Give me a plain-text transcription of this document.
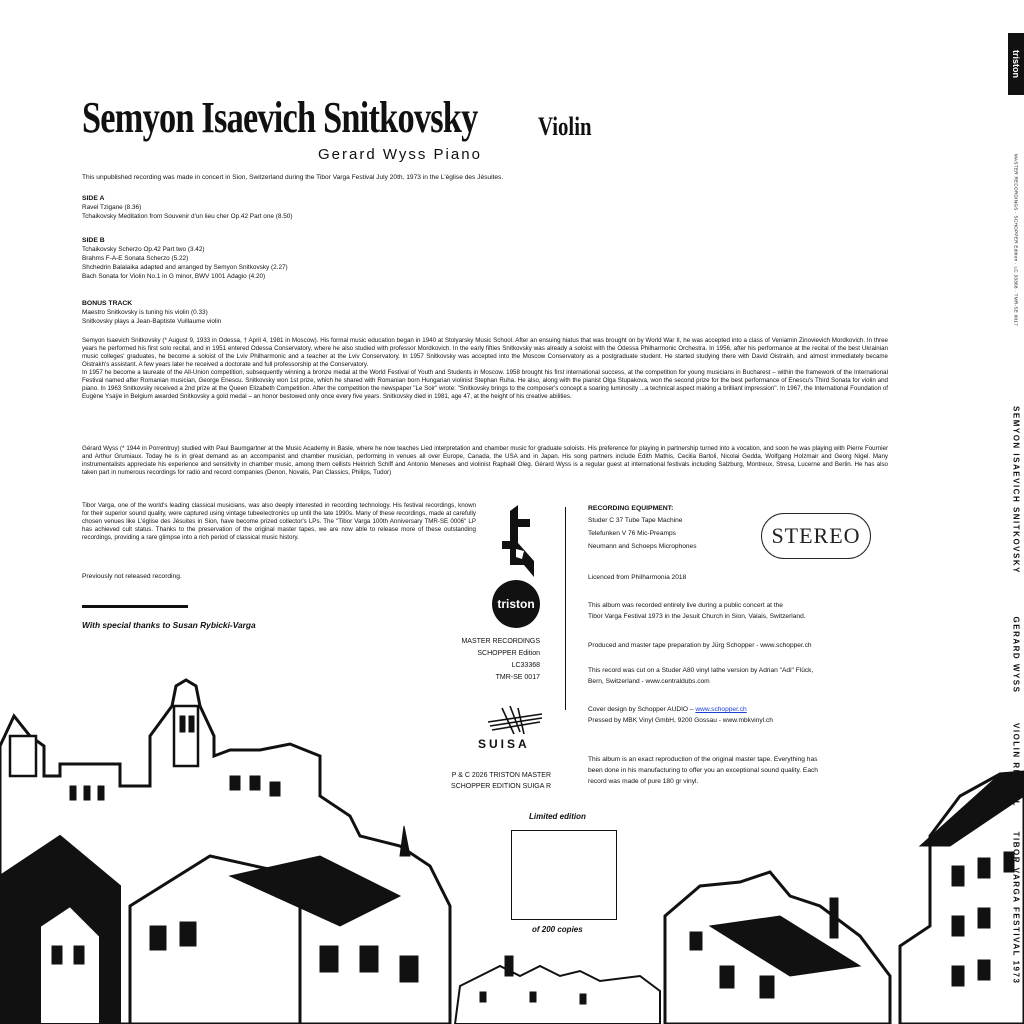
Semyon Isaevich Snitkovsky Violin
Gerard Wyss Piano
This unpublished recording was made in concert in Sion, Switzerland during the Tibor Varga Festival July 20th, 1973 in the L'église des Jésuites.
SIDE A
Ravel Tzigane (8.36)
Tchaikovsky Meditation from Souvenir d'un lieu cher Op.42 Part one (8.50)
SIDE B
Tchaikovsky Scherzo Op.42 Part two (3.42)
Brahms F-A-E Sonata Scherzo (5.22)
Shchedrin Balalaika adapted and arranged by Semyon Snitkovsky (2.27)
Bach Sonata for Violin No.1 in G minor, BWV 1001 Adagio (4.20)
BONUS TRACK
Maestro Snitkovsky is tuning his violin (0.33)
Snitkovsky plays a Jean-Baptiste Vuillaume violin
Semyon Isaevich Snitkovsky (* August 9, 1933 in Odessa, † April 4, 1981 in Moscow). His formal music education began in 1940 at Stolyarsky Music School. After an ensuing hiatus that was brought on by World War II, he was accepted into a class of Veniamin Zinovievich Mordkovich. In three years he performed his first solo recital, and in 1951 entered Odessa Conservatory, where he also studied with professor Mordkovich. In the early fifties Snitkovsky was already a soloist with the Odessa Philharmonic Orchestra. In 1956, after his performance at the recital of the best Ukrainian music colleges' graduates, he become a soloist of the Lviv Philharmonic and a teacher at the Lviv Conservatory. In 1957 Snitkovsky was accepted into the Moscow Conservatory as a postgraduate student. He started studying there with David Oistrakh, and almost immediately became Oistrakh's assistant. A few years later he received a doctorate and full professorship at the Conservatory.
In 1957 he become a laureate of the All-Union competition, subsequently winning a bronze medal at the World Festival of Youth and Students in Moscow. 1958 brought his first international success, at the competition for young musicians in Bucharest – within the framework of the International Festival named after Romanian musician, George Enescu. Snitkovsky won 1st prize, which he shared with Romanian born Hungarian violinist Stephan Ruha. He also, along with the pianist Olga Stupakova, won the second prize for the best performance of Enescu's Third Sonata for violin and piano. In 1963 Snitkovsky received a 2nd prize at the Queen Elizabeth Competition. After the competition the newspaper "Le Soir" wrote: "Snitkovsky brings to the composer's concept a soaring luminosity ...a technical aspect making a brilliant impression". In 1967, the International Foundation of Eugène Ysaÿe in Belgium awarded Snitkovsky a gold medal – an honor bestowed only once every five years. Snitkovsky died in 1981, age 47, at the height of his creative abilities.
Gérard Wyss (* 1944 in Porrentruy) studied with Paul Baumgartner at the Music Academy in Basle, where he now teaches Lied interpretation and chamber music for graduate soloists. His preference for playing in partnership turned into a vocation, and soon he was playing with Pierre Fournier and Arthur Grumiaux. Today he is in great demand as an accompanist and chamber musician, performing in venues all over Europe, Canada, the USA and in Japan. His song partners include Edith Mathis, Cecilia Bartoli, Nicolai Gedda, Wolfgang Holzmair and Georg Nigel. Many instrumentalists appreciate his experience and sensitivity in chamber music, among them cellists Heinrich Schiff and Antonio Meneses and violinist Raphaël Oleg. Gérard Wyss is a regular guest at international festivals including Salzburg, Montreux, Stresa, Lucerne and Berlin. He has also taken part in numerous recordings for radio and record companies (Denon, Novalis, Pan Classics, Philips, Tudor)
Tibor Varga, one of the world's leading classical musicians, was also deeply interested in recording technology. His festival recordings, known for their superior sound quality, were captured using vintage tubeelectronics up until the late 1990s. Many of these recordings, made at carefully chosen venues like L'église des Jésuites in Sion, have become prized collector's LPs. The "Tibor Varga 100th Anniversary TMR-SE 0006" LP has achieved cult status. Thanks to the preservation of the original master tapes, we are now able to release more of these outstanding recordings, providing a rare glimpse into a rich period of classical music history.
Previously not released recording.
With special thanks to Susan Rybicki-Varga
triston
MASTER RECORDINGS
SCHOPPER Edition
LC33368
TMR-SE 0017
SUISA
P & C 2026 TRISTON MASTER
SCHOPPER EDITION SUIGA R
RECORDING EQUIPMENT:
Studer C 37 Tube Tape Machine
Telefunken V 76 Mic-Preamps
Neumann and Schoeps Microphones	STEREO
Licenced from Philharmonia 2018
This album was recorded entirely live during a public concert at the
Tibor Varga Festival 1973 in the Jesuit Church in Sion, Valais, Switzerland.
Produced and master tape preparation by Jürg Schopper - www.schopper.ch
This record was cut on a Studer A80 vinyl lathe version by Adrian "Adi" Flück,
Bern, Switzerland - www.centraldubs.com
Cover design by Schopper AUDIO – www.schopper.ch
Pressed by MBK Vinyl GmbH, 9200 Gossau - www.mbkvinyl.ch
This album is an exact reproduction of the original master tape. Everything has
been done in his manufacturing to offer you an exceptional sound quality. Each
record was made of pure 180 gr vinyl.
Limited edition
of 200 copies
triston
MASTER RECORDINGS · SCHOPPER Edition · LC 33368 · TMR-SE 0017
SEMYON ISAEVICH SNITKOVSKY
GERARD WYSS
VIOLIN RECITAL
TIBOR VARGA FESTIVAL 1973
